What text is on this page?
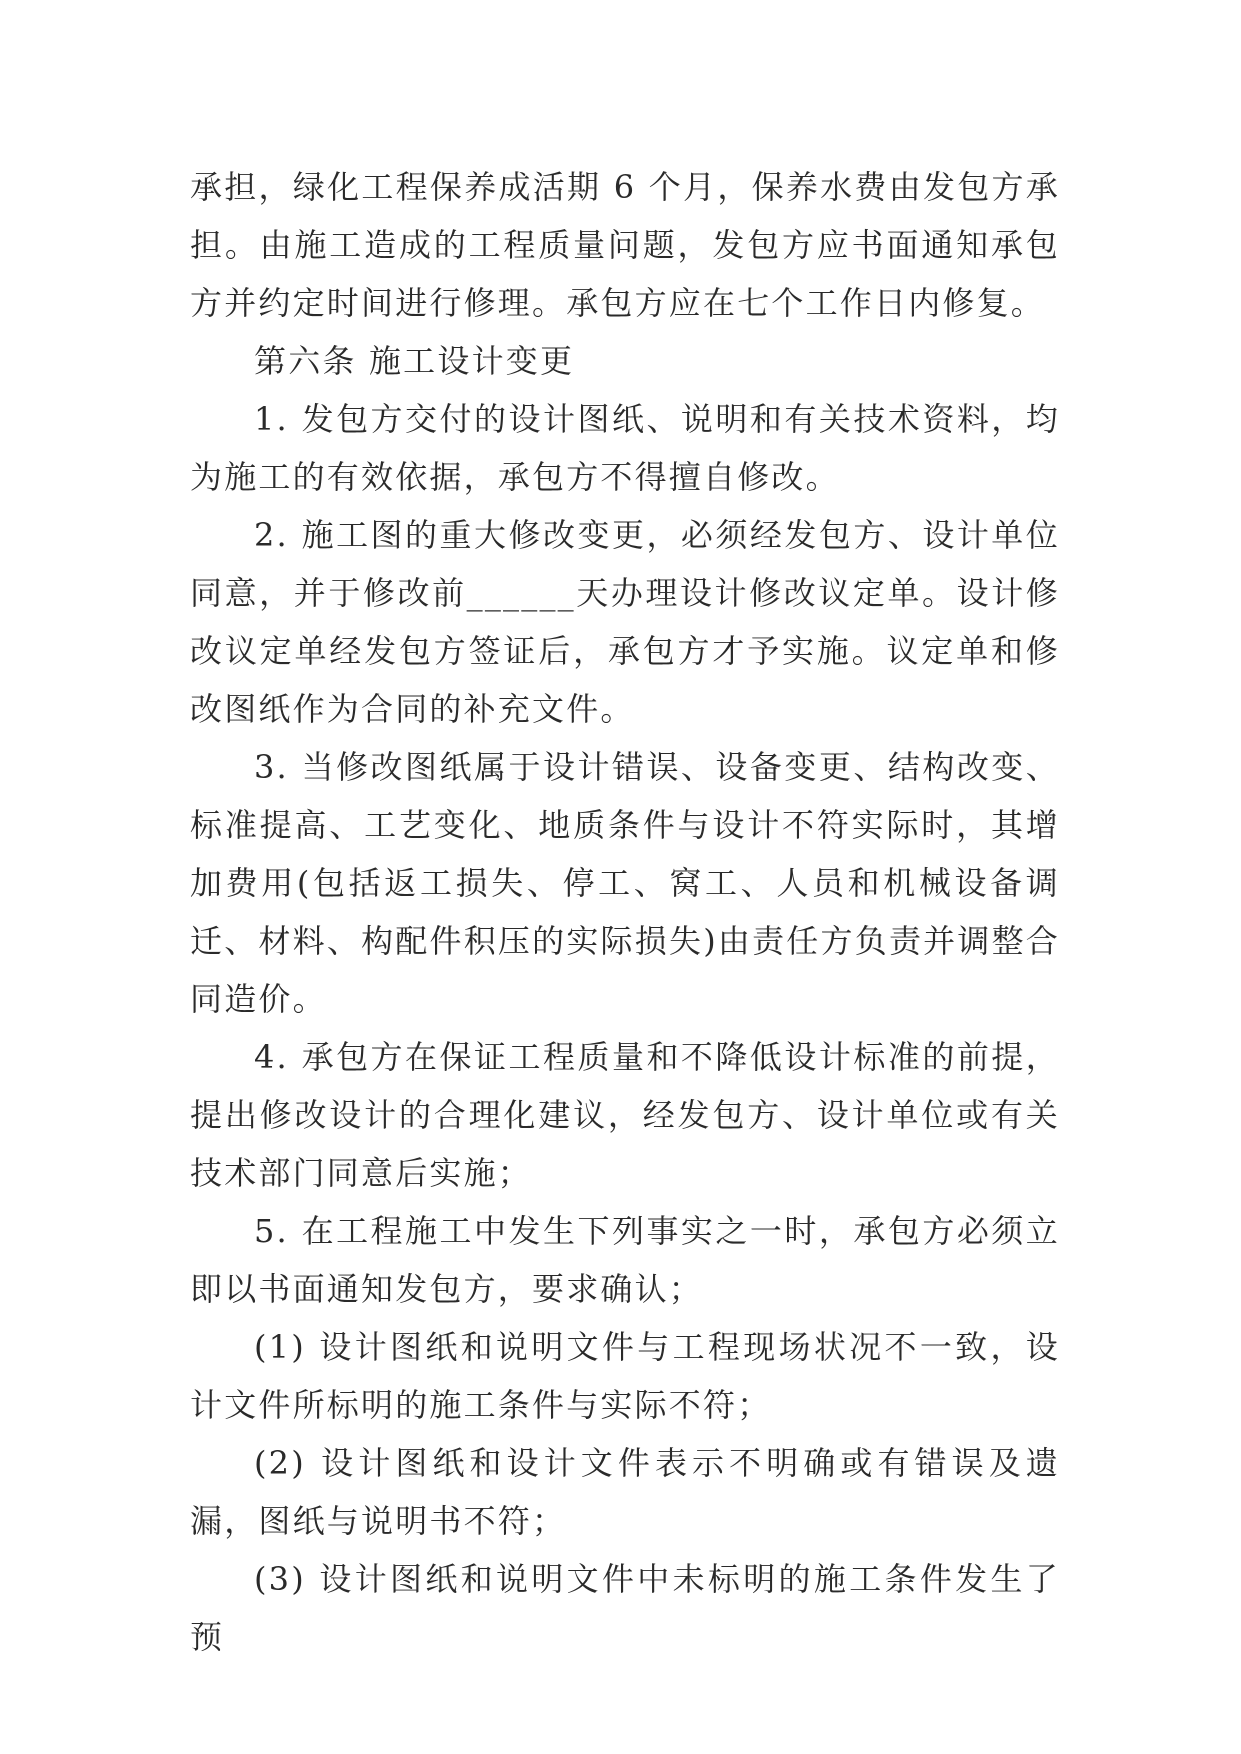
承担，绿化工程保养成活期 6 个月，保养水费由发包方承担。由施工造成的工程质量问题，发包方应书面通知承包方并约定时间进行修理。承包方应在七个工作日内修复。

第六条 施工设计变更

1. 发包方交付的设计图纸、说明和有关技术资料，均为施工的有效依据，承包方不得擅自修改。

2. 施工图的重大修改变更，必须经发包方、设计单位同意，并于修改前______天办理设计修改议定单。设计修改议定单经发包方签证后，承包方才予实施。议定单和修改图纸作为合同的补充文件。

3. 当修改图纸属于设计错误、设备变更、结构改变、标准提高、工艺变化、地质条件与设计不符实际时，其增加费用(包括返工损失、停工、窝工、人员和机械设备调迁、材料、构配件积压的实际损失)由责任方负责并调整合同造价。

4. 承包方在保证工程质量和不降低设计标准的前提，提出修改设计的合理化建议，经发包方、设计单位或有关技术部门同意后实施；

5. 在工程施工中发生下列事实之一时，承包方必须立即以书面通知发包方，要求确认；

(1) 设计图纸和说明文件与工程现场状况不一致，设计文件所标明的施工条件与实际不符；

(2) 设计图纸和设计文件表示不明确或有错误及遗漏，图纸与说明书不符；

(3) 设计图纸和说明文件中未标明的施工条件发生了预
